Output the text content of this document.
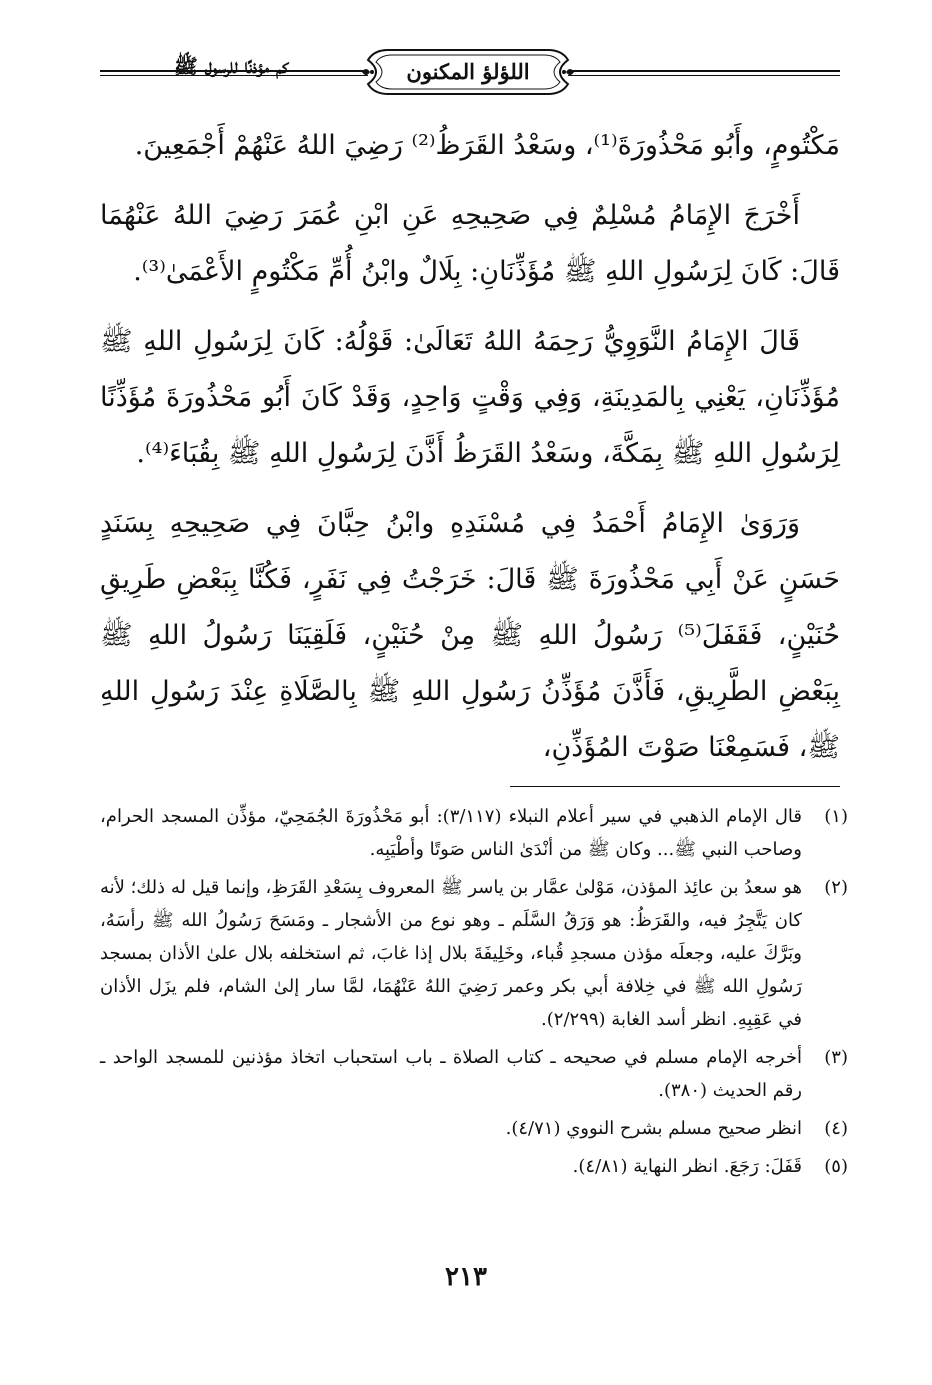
اللؤلؤ المكنون
كم مؤذنًا للرسول ﷺ

مَكْتُومٍ، وأَبُو مَحْذُورَةَ⁽¹⁾، وسَعْدُ القَرَظُ⁽²⁾ رَضِيَ اللهُ عَنْهُمْ أَجْمَعِينَ.

أَخْرَجَ الإِمَامُ مُسْلِمٌ فِي صَحِيحِهِ عَنِ ابْنِ عُمَرَ رَضِيَ اللهُ عَنْهُمَا قَالَ: كَانَ لِرَسُولِ اللهِ ﷺ مُؤَذِّنَانِ: بِلَالٌ وابْنُ أُمِّ مَكْتُومٍ الأَعْمَىٰ⁽³⁾.

قَالَ الإِمَامُ النَّوَوِيُّ رَحِمَهُ اللهُ تَعَالَىٰ: قَوْلُهُ: كَانَ لِرَسُولِ اللهِ ﷺ مُؤَذِّنَانِ، يَعْنِي بِالمَدِينَةِ، وَفِي وَقْتٍ وَاحِدٍ، وَقَدْ كَانَ أَبُو مَحْذُورَةَ مُؤَذِّنًا لِرَسُولِ اللهِ ﷺ بِمَكَّةَ، وسَعْدُ القَرَظُ أَذَّنَ لِرَسُولِ اللهِ ﷺ بِقُبَاءَ⁽⁴⁾.

وَرَوَىٰ الإِمَامُ أَحْمَدُ فِي مُسْنَدِهِ وابْنُ حِبَّانَ فِي صَحِيحِهِ بِسَنَدٍ حَسَنٍ عَنْ أَبِي مَحْذُورَةَ ﷺ قَالَ: خَرَجْتُ فِي نَفَرٍ، فَكُنَّا بِبَعْضِ طَرِيقِ حُنَيْنٍ، فَقَفَلَ⁽⁵⁾ رَسُولُ اللهِ ﷺ مِنْ حُنَيْنٍ، فَلَقِيَنَا رَسُولُ اللهِ ﷺ بِبَعْضِ الطَّرِيقِ، فَأَذَّنَ مُؤَذِّنُ رَسُولِ اللهِ ﷺ بِالصَّلَاةِ عِنْدَ رَسُولِ اللهِ ﷺ، فَسَمِعْنَا صَوْتَ المُؤَذِّنِ،

(١)
قال الإمام الذهبي في سير أعلام النبلاء (٣/١١٧): أبو مَحْذُورَةَ الجُمَحِيّ، مؤذِّن المسجد الحرام، وصاحب النبي ﷺ... وكان ﷺ من أنْدَىٰ الناس صَوتًا وأطْيَبِه.
(٢)
هو سعدُ بن عائِذ المؤذن، مَوْلىٰ عمَّار بن ياسر ﷺ المعروف بِسَعْدِ القَرَظِ، وإنما قيل له ذلك؛ لأنه كان يَتَّجِرُ فيه، والقَرَظُ: هو وَرَقُ السَّلَم ـ وهو نوع من الأشجار ـ ومَسَحَ رَسُولُ الله ﷺ رأسَهُ، وبَرَّكَ عليه، وجعلَه مؤذن مسجدِ قُباء، وخَلِيفَةَ بلال إذا غابَ، ثم استخلفه بلال علىٰ الأذان بمسجد رَسُولِ الله ﷺ في خِلافة أبي بكر وعمر رَضِيَ اللهُ عَنْهُمَا، لمَّا سار إلىٰ الشام، فلم يزَل الأذان في عَقِبِهِ. انظر أسد الغابة (٢/٢٩٩).
(٣)
أخرجه الإمام مسلم في صحيحه ـ كتاب الصلاة ـ باب استحباب اتخاذ مؤذنين للمسجد الواحد ـ رقم الحديث (٣٨٠).
(٤)
انظر صحيح مسلم بشرح النووي (٤/٧١).
(٥)
قَفَلَ: رَجَعَ. انظر النهاية (٤/٨١).
٢١٣
